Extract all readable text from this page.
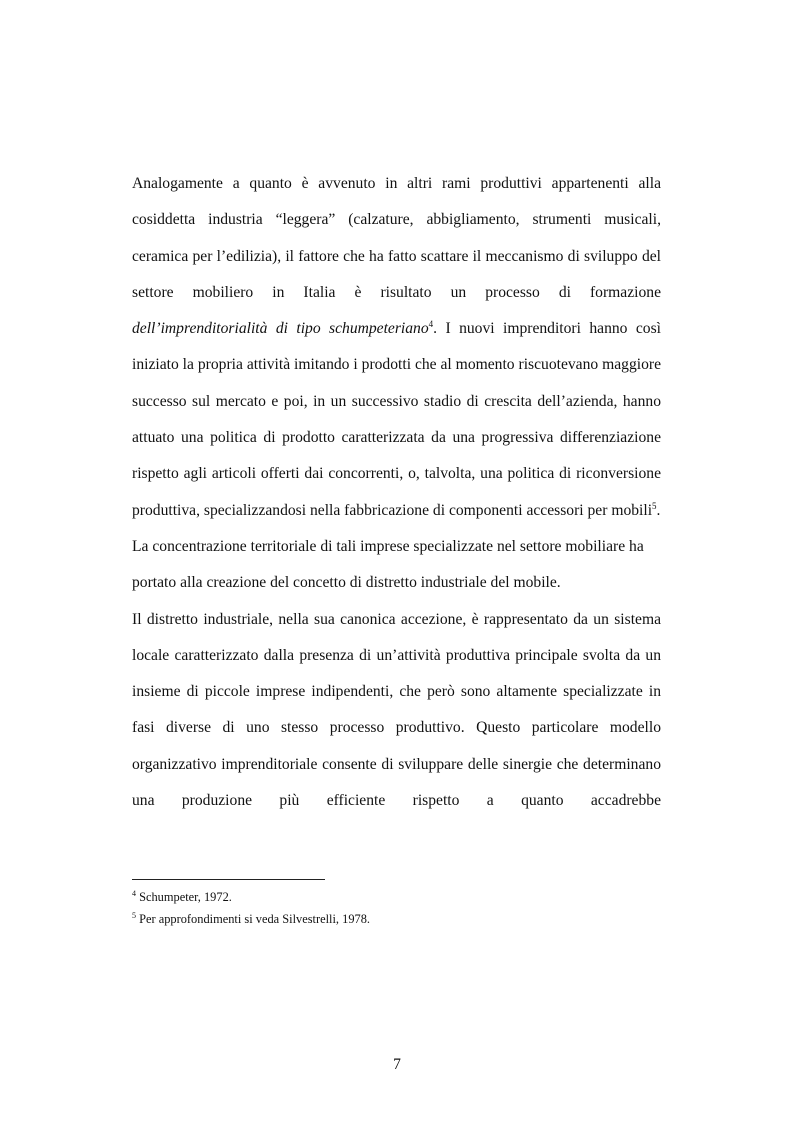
Analogamente a quanto è avvenuto in altri rami produttivi appartenenti alla cosiddetta industria “leggera” (calzature, abbigliamento, strumenti musicali, ceramica per l’edilizia), il fattore che ha fatto scattare il meccanismo di sviluppo del settore mobiliero in Italia è risultato un processo di formazione dell’imprenditorialità di tipo schumpeteriano$^4$. I nuovi imprenditori hanno così iniziato la propria attività imitando i prodotti che al momento riscuotevano maggiore successo sul mercato e poi, in un successivo stadio di crescita dell’azienda, hanno attuato una politica di prodotto caratterizzata da una progressiva differenziazione rispetto agli articoli offerti dai concorrenti, o, talvolta, una politica di riconversione produttiva, specializzandosi nella fabbricazione di componenti accessori per mobili$^5$.

La concentrazione territoriale di tali imprese specializzate nel settore mobiliare ha portato alla creazione del concetto di distretto industriale del mobile.

Il distretto industriale, nella sua canonica accezione, è rappresentato da un sistema locale caratterizzato dalla presenza di un’attività produttiva principale svolta da un insieme di piccole imprese indipendenti, che però sono altamente specializzate in fasi diverse di uno stesso processo produttivo. Questo particolare modello organizzativo imprenditoriale consente di sviluppare delle sinergie che determinano una produzione più efficiente rispetto a quanto accadrebbe

$^4$ Schumpeter, 1972.
$^5$ Per approfondimenti si veda Silvestrelli, 1978.
7
